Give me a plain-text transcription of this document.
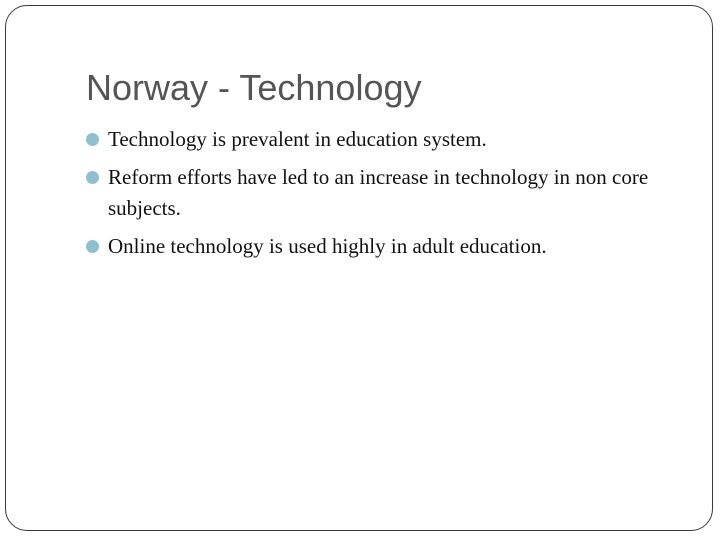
Norway - Technology
Technology is prevalent in education system.
Reform efforts have led to an increase in technology in non core subjects.
Online technology is used highly in adult education.
